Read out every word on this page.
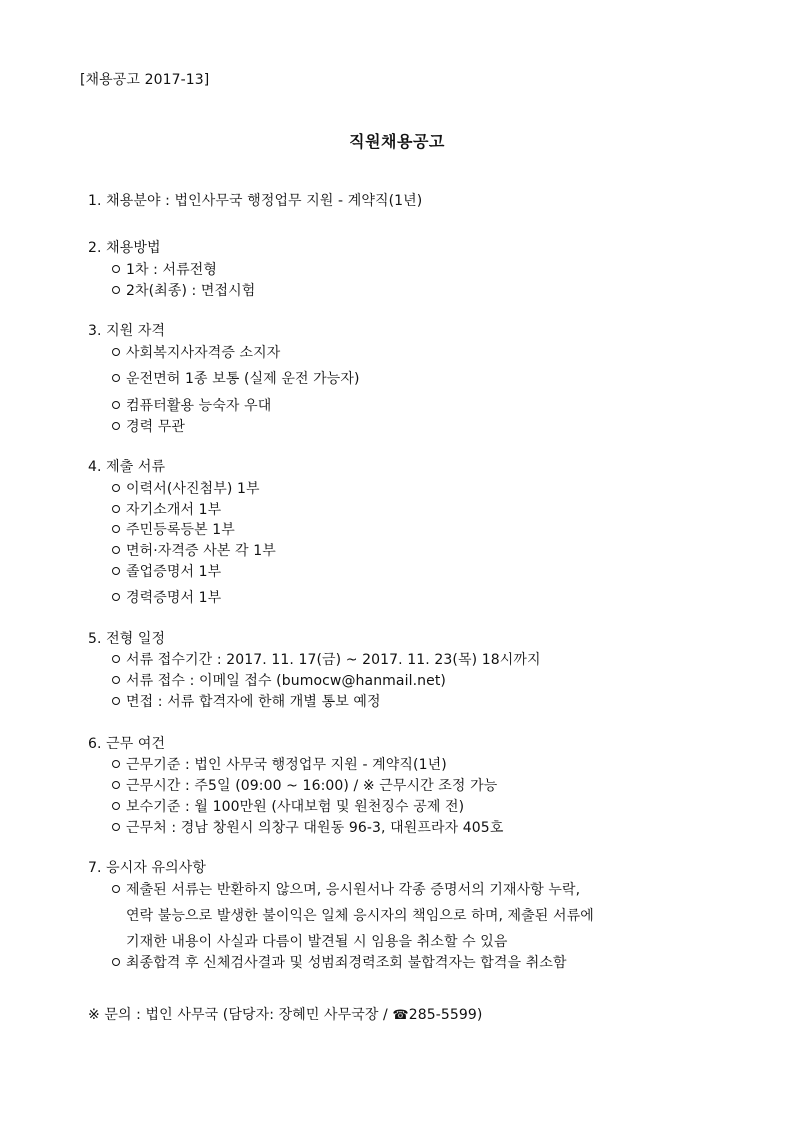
[채용공고 2017-13]
직원채용공고
1. 채용분야 : 법인사무국 행정업무 지원 - 계약직(1년)
2. 채용방법
1차 : 서류전형
2차(최종) : 면접시험
3. 지원 자격
사회복지사자격증 소지자
운전면허 1종 보통 (실제 운전 가능자)
컴퓨터활용 능숙자 우대
경력 무관
4. 제출 서류
이력서(사진첨부) 1부
자기소개서 1부
주민등록등본 1부
면허·자격증 사본 각 1부
졸업증명서 1부
경력증명서 1부
5. 전형 일정
서류 접수기간 : 2017. 11. 17(금) ~ 2017. 11. 23(목) 18시까지
서류 접수 : 이메일 접수 (bumocw@hanmail.net)
면접 : 서류 합격자에 한해 개별 통보 예정
6. 근무 여건
근무기준 : 법인 사무국 행정업무 지원 - 계약직(1년)
근무시간 : 주5일 (09:00 ~ 16:00) / ※ 근무시간 조정 가능
보수기준 : 월 100만원 (사대보험 및 원천징수 공제 전)
근무처 : 경남 창원시 의창구 대원동 96-3, 대원프라자 405호
7. 응시자 유의사항
제출된 서류는 반환하지 않으며, 응시원서나 각종 증명서의 기재사항 누락,
연락 불능으로 발생한 불이익은 일체 응시자의 책임으로 하며, 제출된 서류에
기재한 내용이 사실과 다름이 발견될 시 임용을 취소할 수 있음
최종합격 후 신체검사결과 및 성범죄경력조회 불합격자는 합격을 취소함
※ 문의 : 법인 사무국 (담당자: 장혜민 사무국장 / ☎285-5599)
